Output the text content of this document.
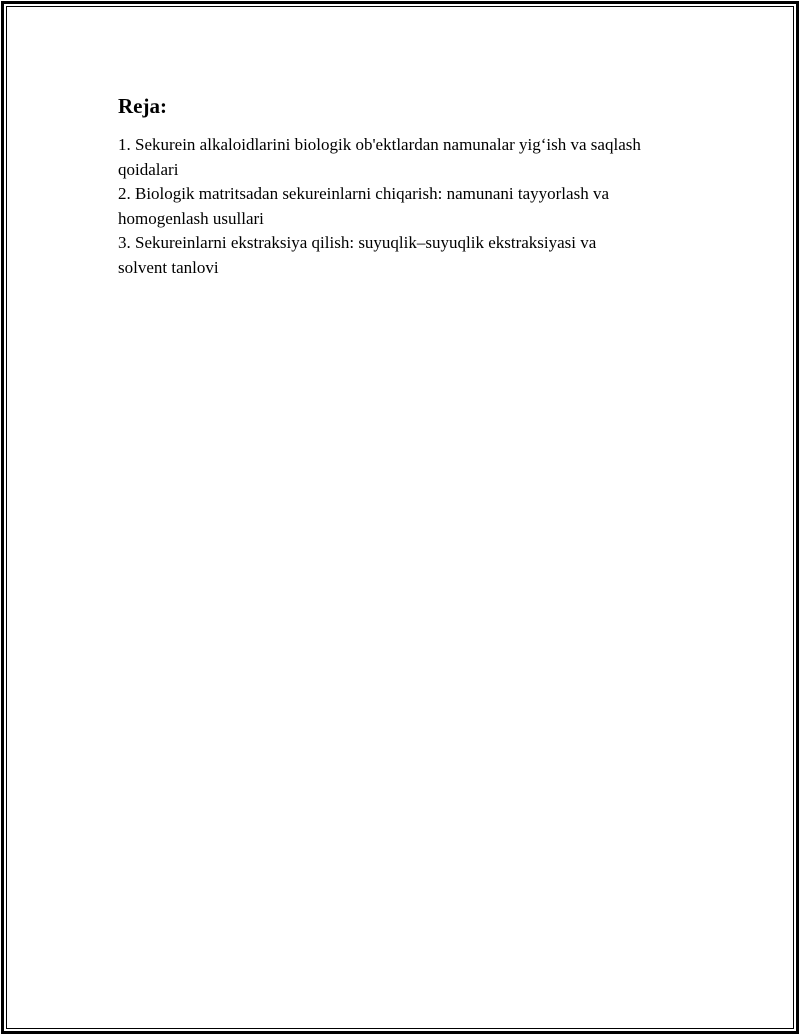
Reja:
1. Sekurein alkaloidlarini biologik ob'ektlardan namunalar yig‘ish va saqlash
qoidalari
2. Biologik matritsadan sekureinlarni chiqarish: namunani tayyorlash va
homogenlash usullari
3. Sekureinlarni ekstraksiya qilish: suyuqlik–suyuqlik ekstraksiyasi va
solvent tanlovi
